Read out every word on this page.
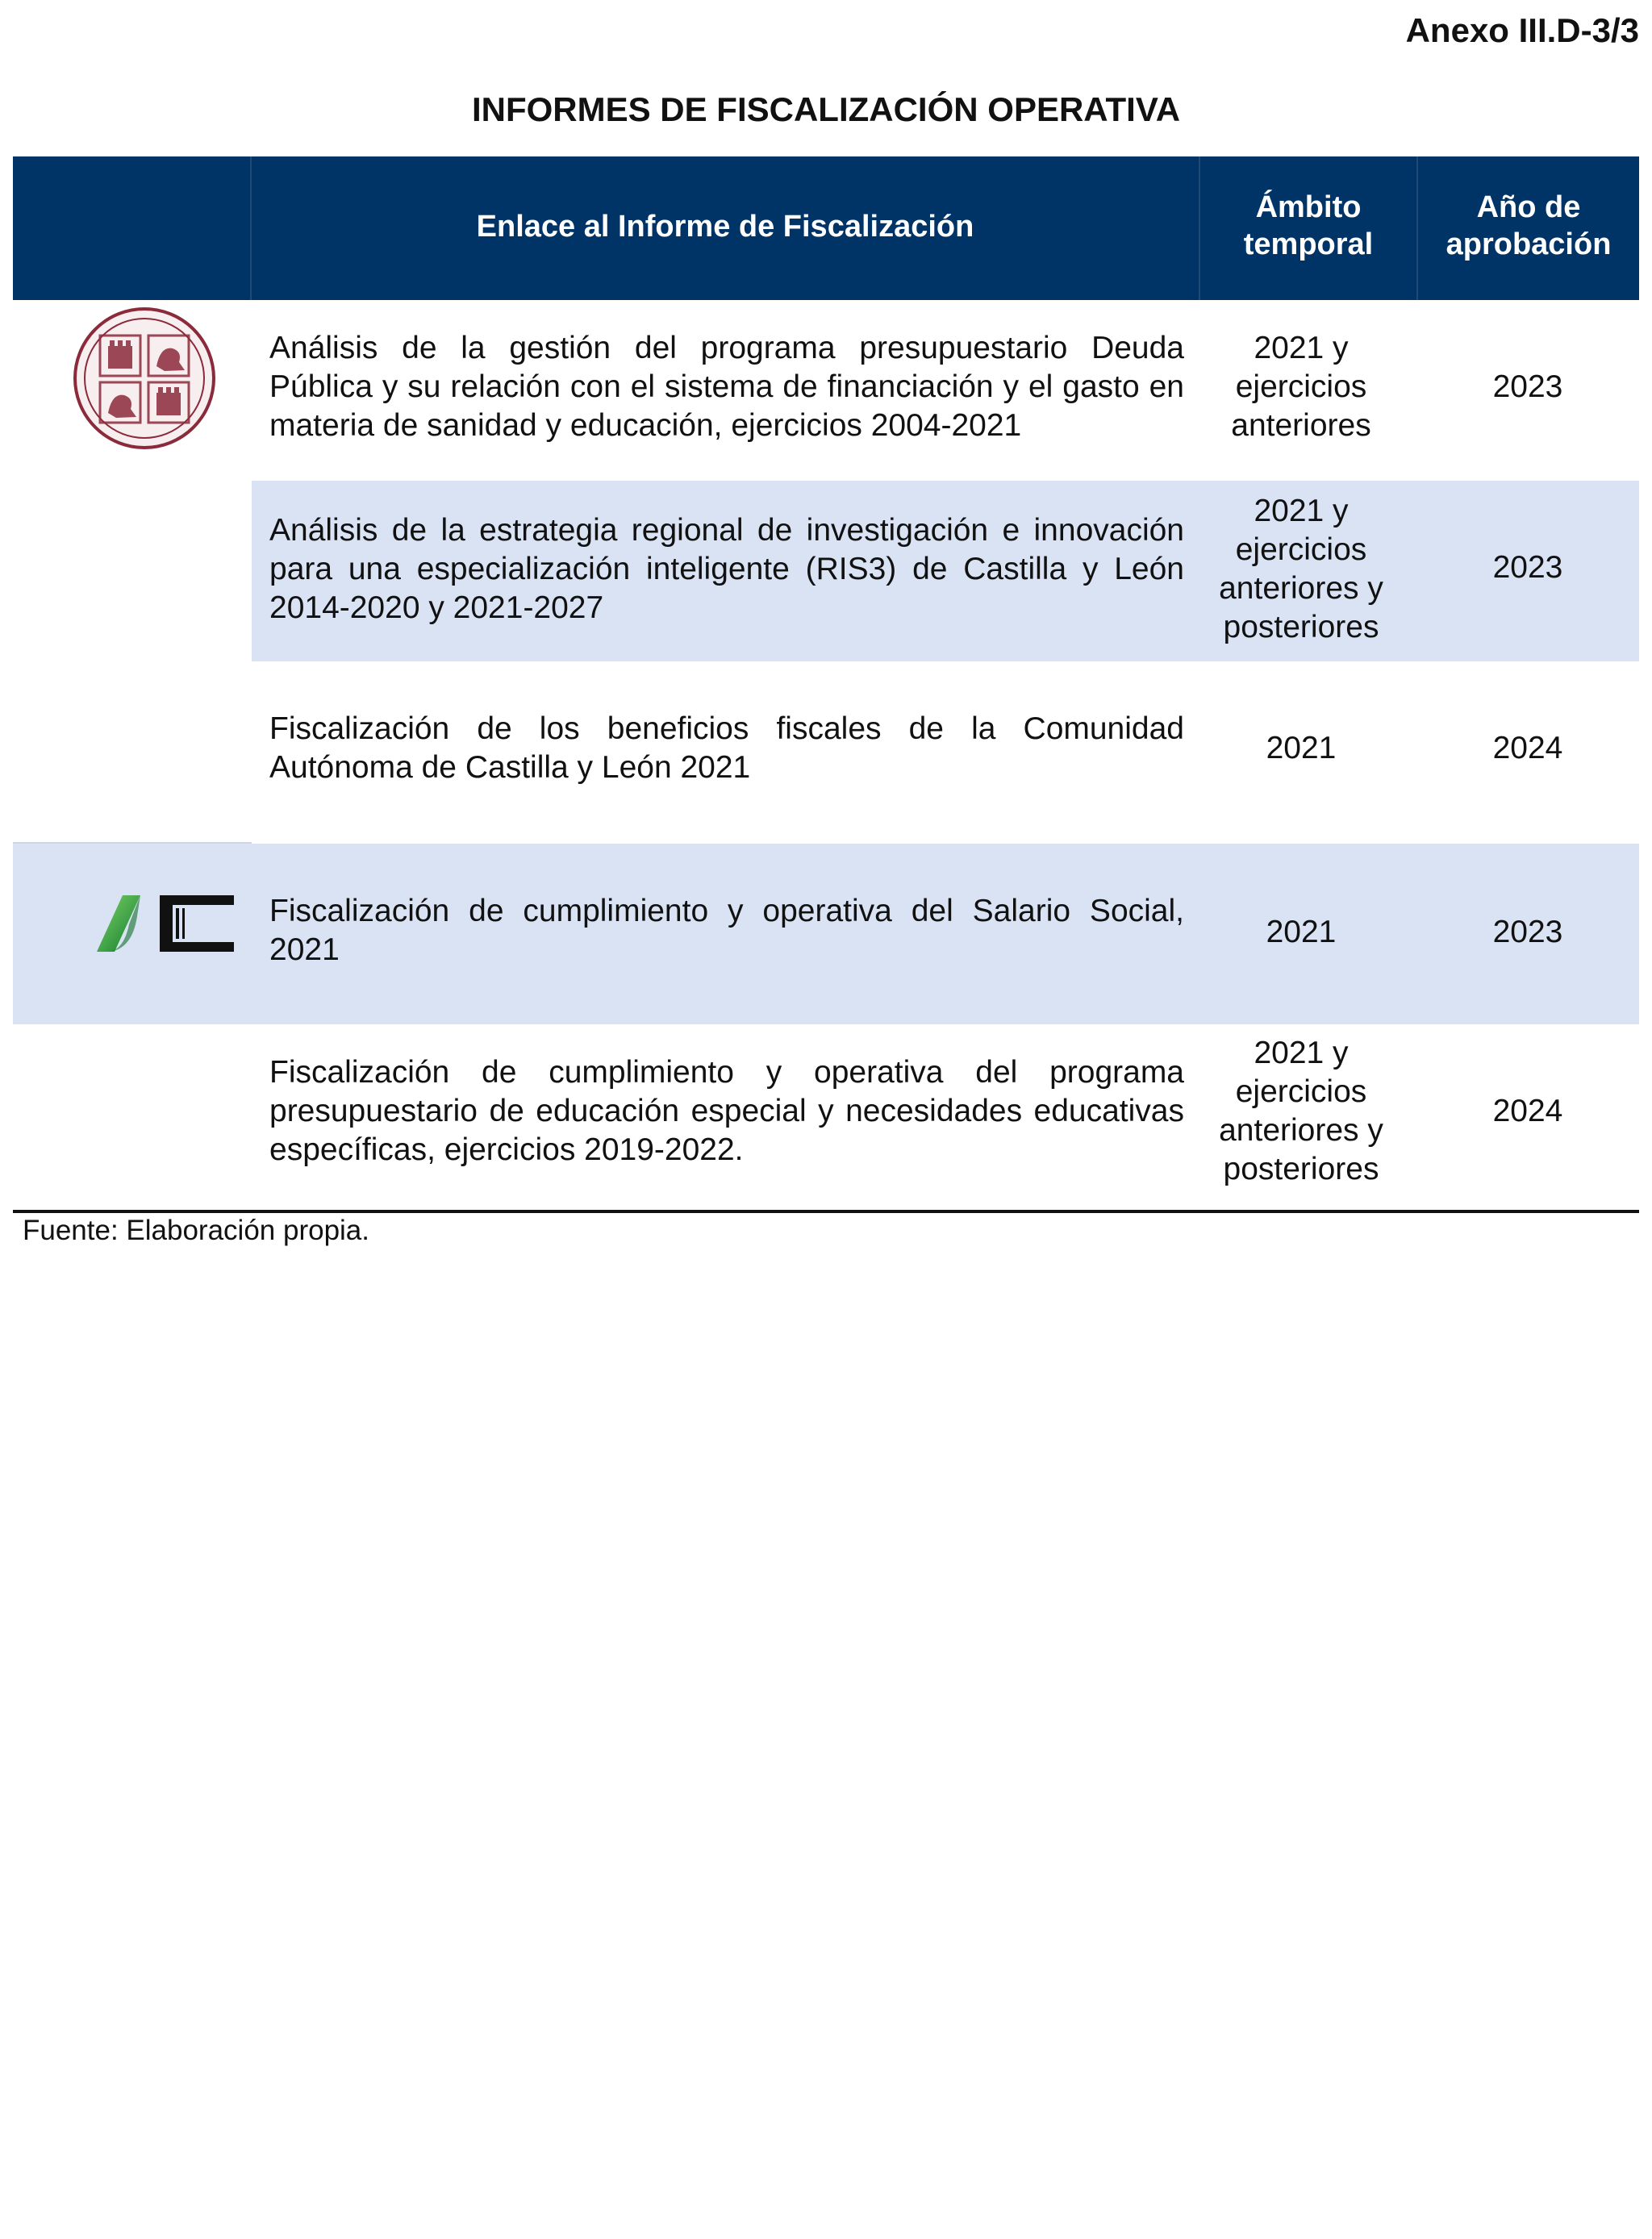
Anexo III.D-3/3
INFORMES DE FISCALIZACIÓN OPERATIVA
Enlace al Informe de Fiscalización
Ámbito
temporal
Año de
aprobación
Análisis de la gestión del programa presupuestario Deuda Pública y su relación con el sistema de financiación y el gasto en materia de sanidad y educación, ejercicios 2004-2021
2021 y
ejercicios
anteriores
2023
Análisis de la estrategia regional de investigación e innovación para una especialización inteligente (RIS3) de Castilla y León 2014-2020 y 2021-2027
2021 y
ejercicios
anteriores y
posteriores
2023
Fiscalización de los beneficios fiscales de la Comunidad Autónoma de Castilla y León 2021
2021	2024
Fiscalización de cumplimiento y operativa del Salario Social, 2021
2021	2023
Fiscalización de cumplimiento y operativa del programa presupuestario de educación especial y necesidades educativas específicas, ejercicios 2019-2022.
2021 y
ejercicios
anteriores y
posteriores
2024
Fuente: Elaboración propia.
